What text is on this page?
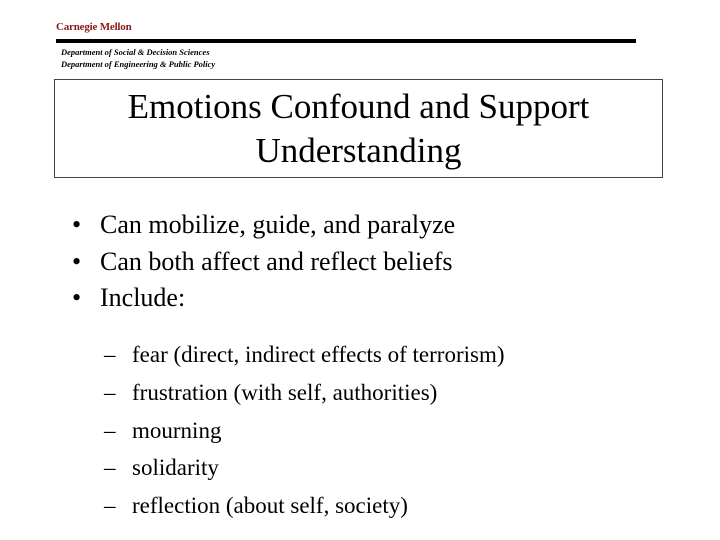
Carnegie Mellon
Department of Social & Decision Sciences
Department of Engineering & Public Policy
Emotions Confound and Support
Understanding
• Can mobilize, guide, and paralyze
• Can both affect and reflect beliefs
• Include:
– fear (direct, indirect effects of terrorism)
– frustration (with self, authorities)
– mourning
– solidarity
– reflection (about self, society)
